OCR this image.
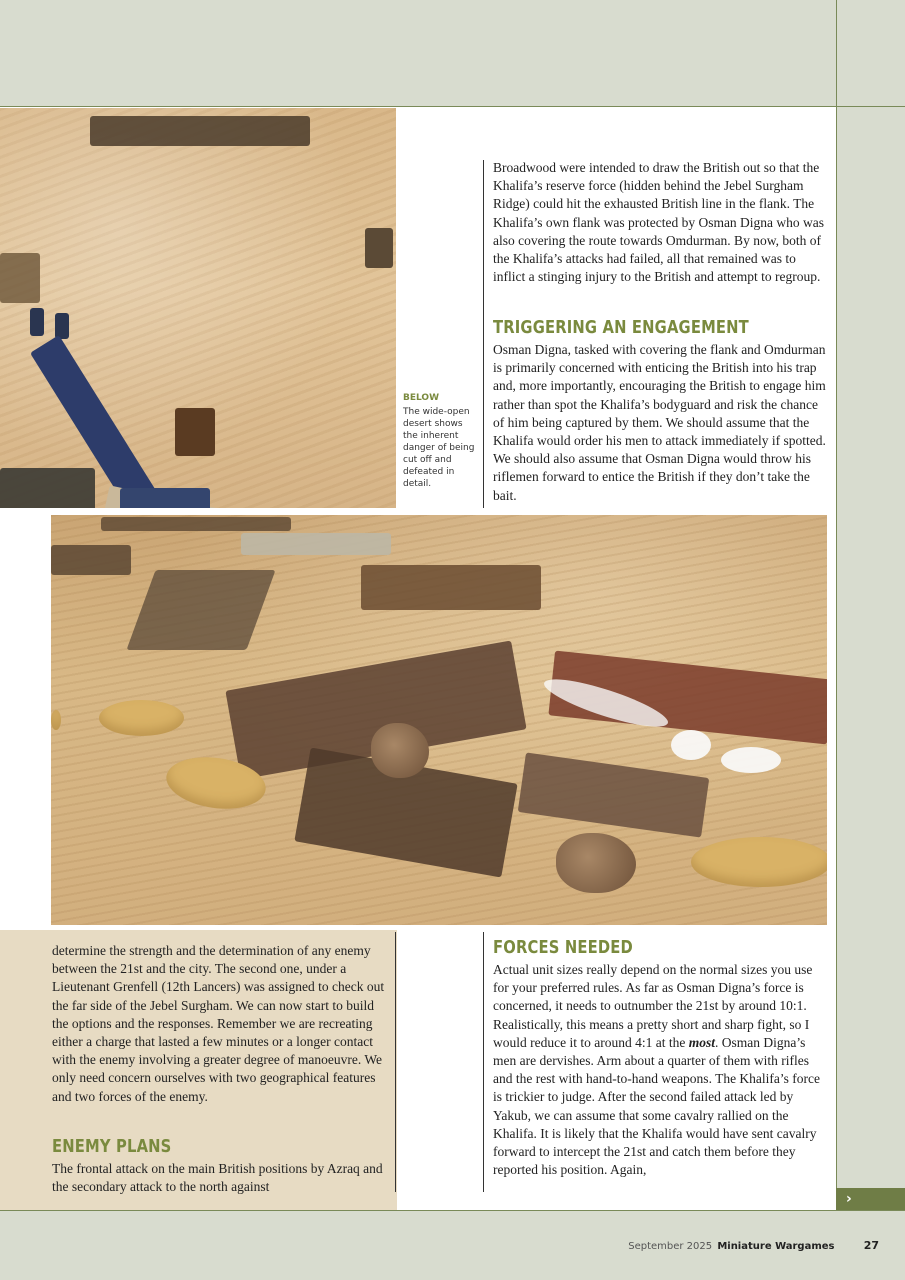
BELOW
The wide-open desert shows the inherent danger of being cut off and defeated in detail.

Broadwood were intended to draw the British out so that the Khalifa’s reserve force (hidden behind the Jebel Surgham Ridge) could hit the exhausted British line in the flank. The Khalifa’s own flank was protected by Osman Digna who was also covering the route towards Omdurman. By now, both of the Khalifa’s attacks had failed, all that remained was to inflict a stinging injury to the British and attempt to regroup.

TRIGGERING AN ENGAGEMENT

Osman Digna, tasked with covering the flank and Omdurman is primarily concerned with enticing the British into his trap and, more importantly, encouraging the British to engage him rather than spot the Khalifa’s bodyguard and risk the chance of him being captured by them. We should assume that the Khalifa would order his men to attack immediately if spotted. We should also assume that Osman Digna would throw his riflemen forward to entice the British if they don’t take the bait.

determine the strength and the determination of any enemy between the 21st and the city. The second one, under a Lieutenant Grenfell (12th Lancers) was assigned to check out the far side of the Jebel Surgham. We can now start to build the options and the responses. Remember we are recreating either a charge that lasted a few minutes or a longer contact with the enemy involving a greater degree of manoeuvre. We only need concern ourselves with two geographical features and two forces of the enemy.

ENEMY PLANS

The frontal attack on the main British positions by Azraq and the secondary attack to the north against

FORCES NEEDED

Actual unit sizes really depend on the normal sizes you use for your preferred rules. As far as Osman Digna’s force is concerned, it needs to outnumber the 21st by around 10:1. Realistically, this means a pretty short and sharp fight, so I would reduce it to around 4:1 at the most. Osman Digna’s men are dervishes. Arm about a quarter of them with rifles and the rest with hand-to-hand weapons. The Khalifa’s force is trickier to judge. After the second failed attack led by Yakub, we can assume that some cavalry rallied on the Khalifa. It is likely that the Khalifa would have sent cavalry forward to intercept the 21st and catch them before they reported his position. Again,

›
September 2025 Miniature Wargames	27
